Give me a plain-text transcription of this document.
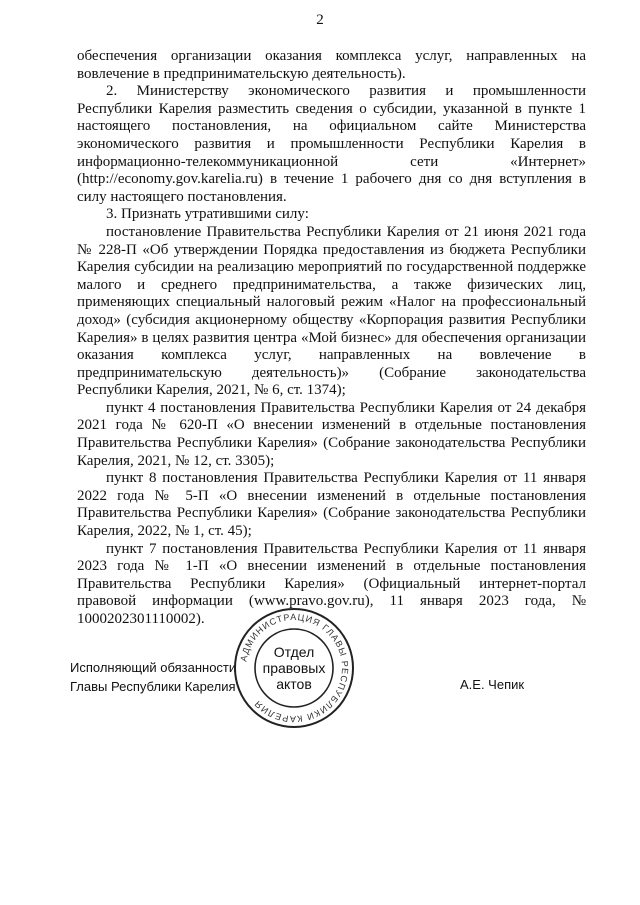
2

обеспечения организации оказания комплекса услуг, направленных на вовлечение в предпринимательскую деятельность).

2. Министерству экономического развития и промышленности Республики Карелия разместить сведения о субсидии, указанной в пункте 1 настоящего постановления, на официальном сайте Министерства экономического развития и промышленности Республики Карелия в информационно-телекоммуникационной сети «Интернет» (http://economy.gov.karelia.ru) в течение 1 рабочего дня со дня вступления в силу настоящего постановления.

3. Признать утратившими силу:

постановление Правительства Республики Карелия от 21 июня 2021 года № 228-П «Об утверждении Порядка предоставления из бюджета Республики Карелия субсидии на реализацию мероприятий по государственной поддержке малого и среднего предпринимательства, а также физических лиц, применяющих специальный налоговый режим «Налог на профессиональный доход» (субсидия акционерному обществу «Корпорация развития Республики Карелия» в целях развития центра «Мой бизнес» для обеспечения организации оказания комплекса услуг, направленных на вовлечение в предпринимательскую деятельность)» (Собрание законодательства Республики Карелия, 2021, № 6, ст. 1374);

пункт 4 постановления Правительства Республики Карелия от 24 декабря 2021 года № 620-П «О внесении изменений в отдельные постановления Правительства Республики Карелия» (Собрание законодательства Республики Карелия, 2021, № 12, ст. 3305);

пункт 8 постановления Правительства Республики Карелия от 11 января 2022 года № 5-П «О внесении изменений в отдельные постановления Правительства Республики Карелия» (Собрание законодательства Республики Карелия, 2022, № 1, ст. 45);

пункт 7 постановления Правительства Республики Карелия от 11 января 2023 года № 1-П «О внесении изменений в отдельные постановления Правительства Республики Карелия» (Официальный интернет-портал правовой информации (www.pravo.gov.ru), 11 января 2023 года, № 1000202301110002).

Исполняющий обязанности
Главы Республики Карелия	А.Е. Чепик
АДМИНИСТРАЦИЯ ГЛАВЫ РЕСПУБЛИКИ КАРЕЛИЯ
Отдел
правовых
актов
